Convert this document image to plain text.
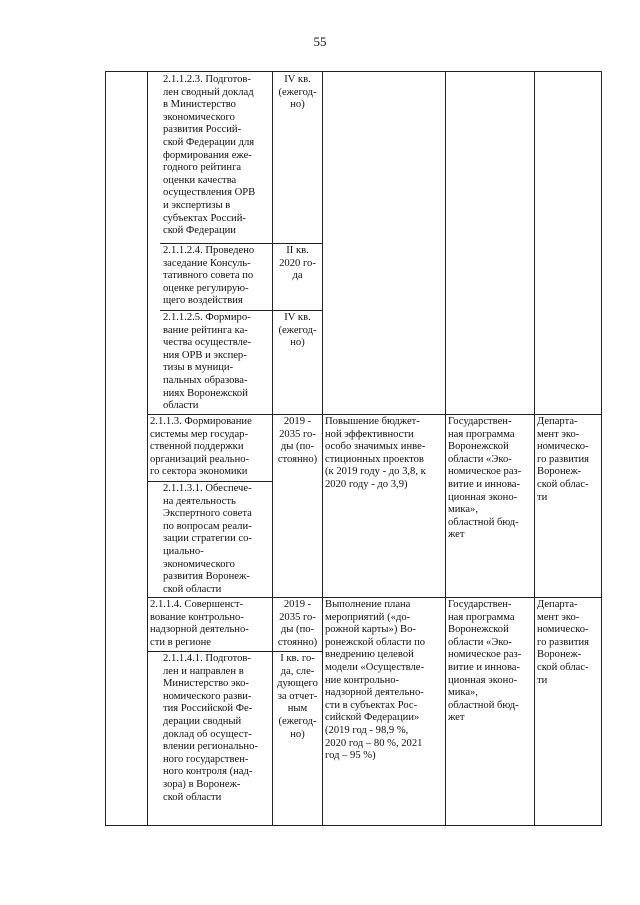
55
2.1.1.2.3. Подготов-
лен сводный доклад
в Министерство
экономического
развития Россий-
ской Федерации для
формирования еже-
годного рейтинга
оценки качества
осуществления ОРВ
и экспертизы в
субъектах Россий-
ской Федерации
IV кв.
(ежегод-
но)
2.1.1.2.4. Проведено
заседание Консуль-
тативного совета по
оценке регулирую-
щего воздействия
II кв.
2020 го-
да
2.1.1.2.5. Формиро-
вание рейтинга ка-
чества осуществле-
ния ОРВ и экспер-
тизы в муници-
пальных образова-
ниях Воронежской
области
IV кв.
(ежегод-
но)
2.1.1.3. Формирование
системы мер государ-
ственной поддержки
организаций реально-
го сектора экономики
2019 -
2035 го-
ды (по-
стоянно)
Повышение бюджет-
ной эффективности
особо значимых инве-
стиционных проектов
(к 2019 году - до 3,8, к
2020 году - до 3,9)
Государствен-
ная программа
Воронежской
области «Эко-
номическое раз-
витие и иннова-
ционная эконо-
мика»,
областной бюд-
жет
Департа-
мент эко-
номическо-
го развития
Воронеж-
ской облас-
ти
2.1.1.3.1. Обеспече-
на деятельность
Экспертного совета
по вопросам реали-
зации стратегии со-
циально-
экономического
развития Воронеж-
ской области
2.1.1.4. Совершенст-
вование контрольно-
надзорной деятельно-
сти в регионе
2019 -
2035 го-
ды (по-
стоянно)
Выполнение плана
мероприятий («до-
рожной карты») Во-
ронежской области по
внедрению целевой
модели «Осуществле-
ние контрольно-
надзорной деятельно-
сти в субъектах Рос-
сийской Федерации»
(2019 год - 98,9 %,
2020 год – 80 %, 2021
год – 95 %)
Государствен-
ная программа
Воронежской
области «Эко-
номическое раз-
витие и иннова-
ционная эконо-
мика»,
областной бюд-
жет
Департа-
мент эко-
номическо-
го развития
Воронеж-
ской облас-
ти
2.1.1.4.1. Подготов-
лен и направлен в
Министерство эко-
номического разви-
тия Российской Фе-
дерации сводный
доклад об осущест-
влении регионально-
ного государствен-
ного контроля (над-
зора) в Воронеж-
ской области
I кв. го-
да, сле-
дующего
за отчет-
ным
(ежегод-
но)
